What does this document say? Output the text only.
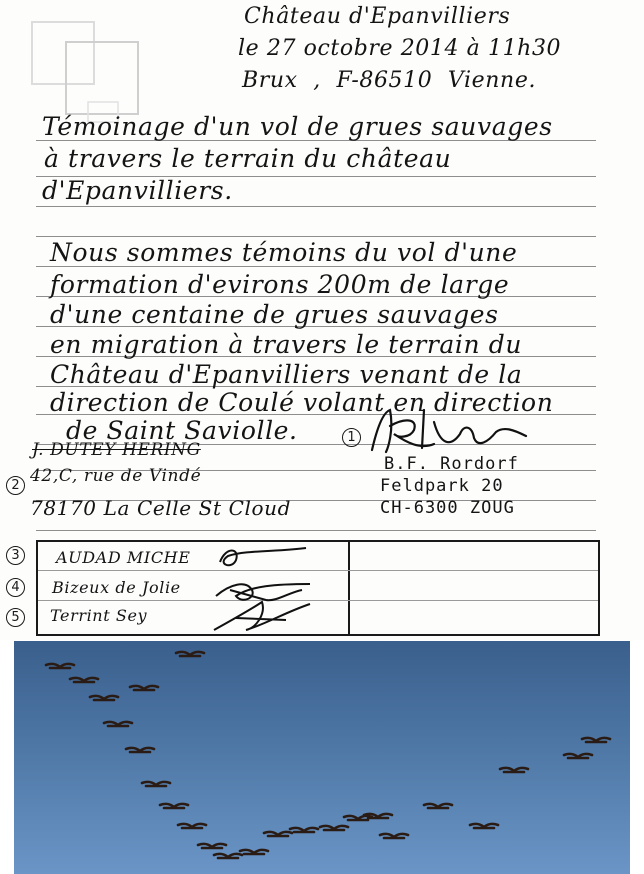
Château d'Epanvilliers
le 27 octobre 2014 à 11h30
Brux , F-86510 Vienne.
Témoinage d'un vol de grues sauvages
à travers le terrain du château
d'Epanvilliers.
Nous sommes témoins du vol d'une
formation d'evirons 200m de large
d'une centaine de grues sauvages
en migration à travers le terrain du
Château d'Epanvilliers venant de la
direction de Coulé volant en direction
de Saint Saviolle.	1
2
J. DUTEY HERING
42,C, rue de Vindé
78170 La Celle St Cloud
B.F. Rordorf
Feldpark 20
CH-6300 ZOUG
3
4
5
AUDAD MICHE
Bizeux de Jolie
Terrint Sey
